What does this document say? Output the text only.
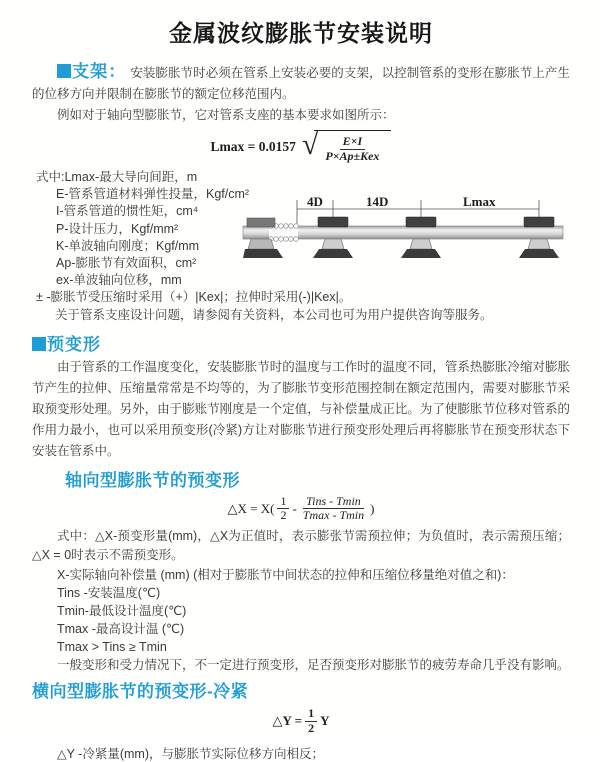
金属波纹膨胀节安装说明

支架： 安装膨胀节时必须在管系上安装必要的支架，以控制管系的变形在膨胀节上产生的位移方向并限制在膨胀节的额定位移范围内。

例如对于轴向型膨胀节，它对管系支座的基本要求如图所示：

Lmax = 0.0157 √ $\frac{E\times I}{\text{P×Ap±Kex}}$
式中:Lmax-最大导向间距，m
E-管系管道材料弹性投量，Kgf/cm²
I-管系管道的惯性矩，cm⁴
P-设计压力，Kgf/mm²
K-单波轴向刚度；Kgf/mm
Ap-膨胀节有效面积，cm²
ex-单波轴向位移，mm
± -膨胀节受压缩时采用（+）|Kex|；拉伸时采用(-)|Kex|。
关于管系支座设计问题，请参阅有关资料，本公司也可为用户提供咨询等服务。
4D	14D	Lmax

预变形

由于管系的工作温度变化，安装膨胀节时的温度与工作时的温度不同，管系热膨胀冷缩对膨胀节产生的拉伸、压缩量常常是不均等的，为了膨胀节变形范围控制在额定范围内，需要对膨胀节采取预变形处理。另外，由于膨账节刚度是一个定值，与补偿量成正比。为了使膨胀节位移对管系的作用力最小，也可以采用预变形(冷紧)方让对膨胀节进行预变形处理后再将膨胀节在预变形状态下安装在管系中。

轴向型膨胀节的预变形
△X = $X( \frac{1}{2} - \frac{\text{Tins - Tmin}}{Tmax - Tmin}$ )

式中：△X-预变形量(mm)，△X为正值时，表示膨张节需预拉伸；为负值时，表示需预压缩；△X = 0时表示不需预变形。

X-实际轴向补偿量 (mm) (相对于膨胀节中间状态的拉伸和压缩位移量绝对值之和)：

Tins -安装温度(℃)

Tmin-最低设计温度(℃)

Tmax -最高设计温 (℃)

Tmax > Tins ≥ Tmin

一般变形和受力情况下，不一定进行预变形，足否预变形对膨胀节的疲劳寿命几乎没有影响。

横向型膨胀节的预变形-冷紧
△Y = $\frac{1}{2}$ Y

△Y -冷紧量(mm)，与膨胀节实际位移方向相反；
